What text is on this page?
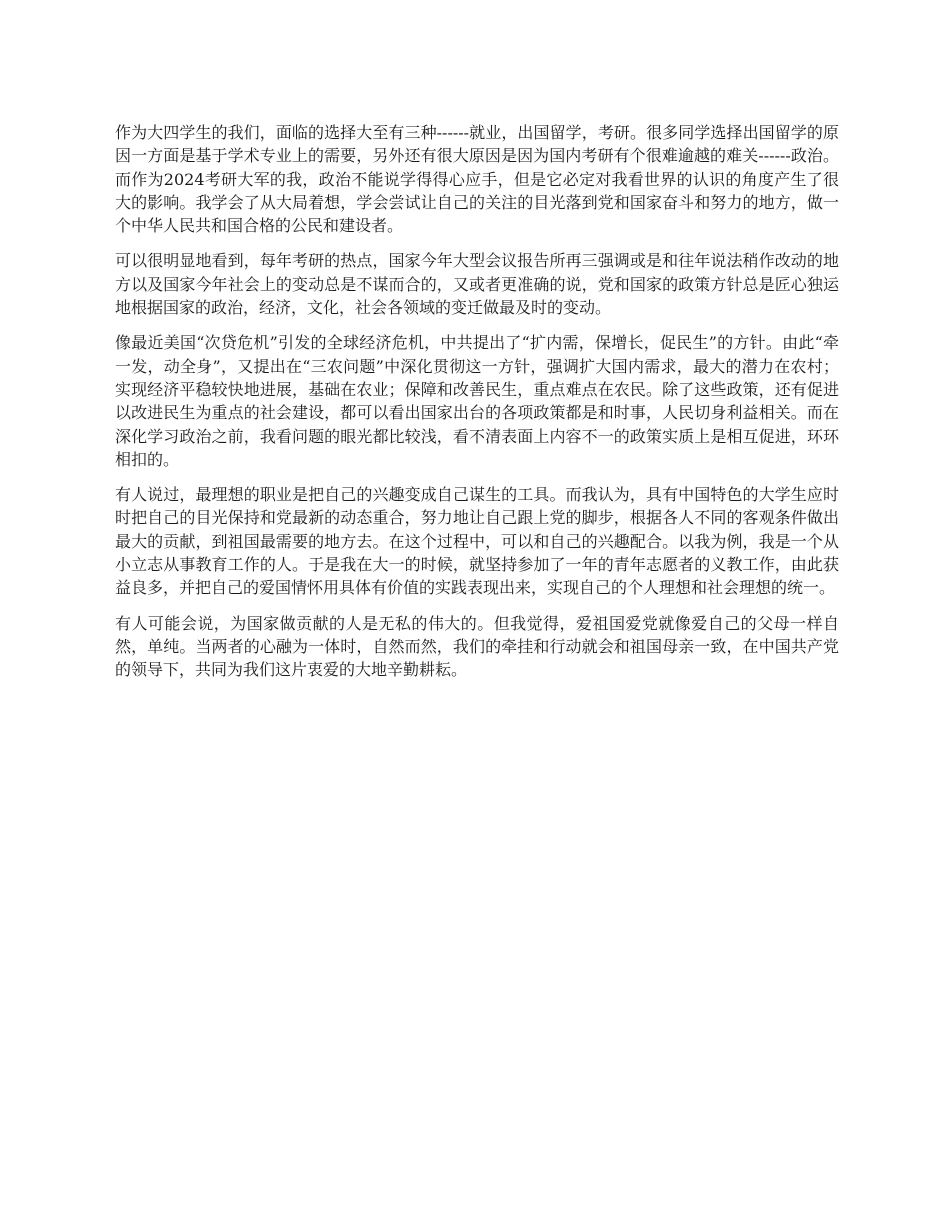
作为大四学生的我们，面临的选择大至有三种------就业，出国留学，考研。很多同学选择出国留学的原因一方面是基于学术专业上的需要，另外还有很大原因是因为国内考研有个很难逾越的难关------政治。而作为2024考研大军的我，政治不能说学得得心应手，但是它必定对我看世界的认识的角度产生了很大的影响。我学会了从大局着想，学会尝试让自己的关注的目光落到党和国家奋斗和努力的地方，做一个中华人民共和国合格的公民和建设者。

可以很明显地看到，每年考研的热点，国家今年大型会议报告所再三强调或是和往年说法稍作改动的地方以及国家今年社会上的变动总是不谋而合的，又或者更准确的说，党和国家的政策方针总是匠心独运地根据国家的政治，经济，文化，社会各领域的变迁做最及时的变动。

像最近美国“次贷危机”引发的全球经济危机，中共提出了“扩内需，保增长，促民生”的方针。由此“牵一发，动全身”，又提出在“三农问题”中深化贯彻这一方针，强调扩大国内需求，最大的潜力在农村；实现经济平稳较快地进展，基础在农业；保障和改善民生，重点难点在农民。除了这些政策，还有促进以改进民生为重点的社会建设，都可以看出国家出台的各项政策都是和时事，人民切身利益相关。而在深化学习政治之前，我看问题的眼光都比较浅，看不清表面上内容不一的政策实质上是相互促进，环环相扣的。

有人说过，最理想的职业是把自己的兴趣变成自己谋生的工具。而我认为，具有中国特色的大学生应时时把自己的目光保持和党最新的动态重合，努力地让自己跟上党的脚步，根据各人不同的客观条件做出最大的贡献，到祖国最需要的地方去。在这个过程中，可以和自己的兴趣配合。以我为例，我是一个从小立志从事教育工作的人。于是我在大一的时候，就坚持参加了一年的青年志愿者的义教工作，由此获益良多，并把自己的爱国情怀用具体有价值的实践表现出来，实现自己的个人理想和社会理想的统一。

有人可能会说，为国家做贡献的人是无私的伟大的。但我觉得，爱祖国爱党就像爱自己的父母一样自然，单纯。当两者的心融为一体时，自然而然，我们的牵挂和行动就会和祖国母亲一致，在中国共产党的领导下，共同为我们这片衷爱的大地辛勤耕耘。
